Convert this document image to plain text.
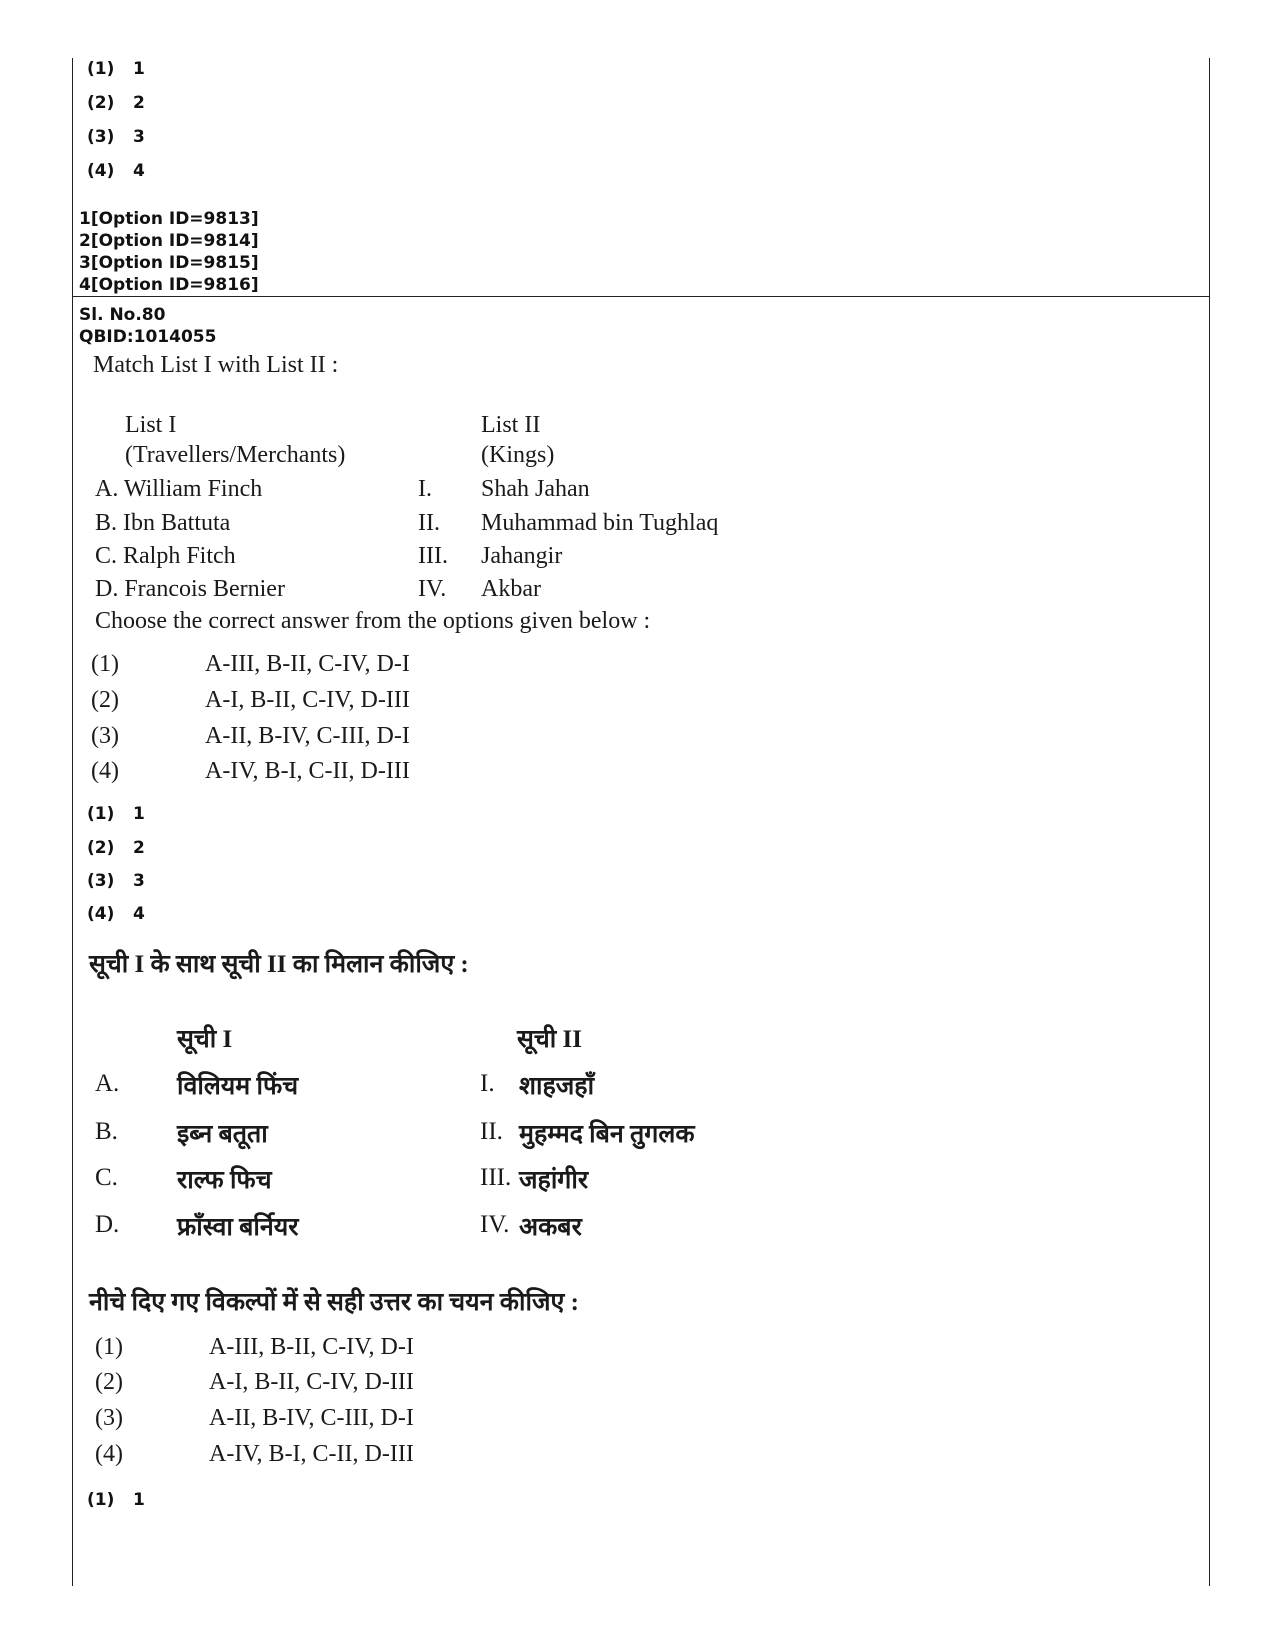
(1) 1
(2) 2
(3) 3
(4) 4
1[Option ID=9813]
2[Option ID=9814]
3[Option ID=9815]
4[Option ID=9816]
Sl. No.80
QBID:1014055
Match List I with List II :
List I
(Travellers/Merchants)
List II
(Kings)
A. William Finch	I. Shah Jahan
B. Ibn Battuta	II. Muhammad bin Tughlaq
C. Ralph Fitch	III. Jahangir
D. Francois Bernier	IV. Akbar
Choose the correct answer from the options given below :
(1)	A-III, B-II, C-IV, D-I
(2)	A-I, B-II, C-IV, D-III
(3)	A-II, B-IV, C-III, D-I
(4)	A-IV, B-I, C-II, D-III
(1) 1
(2) 2
(3) 3
(4) 4
सूची I के साथ सूची II का मिलान कीजिए :
सूची I	सूची II
A. विलियम फिंच	I. शाहजहाँ
B. इब्न बतूता	II. मुहम्मद बिन तुगलक
C. राल्फ फिच	III. जहांगीर
D. फ्राँस्वा बर्नियर	IV. अकबर
नीचे दिए गए विकल्पों में से सही उत्तर का चयन कीजिए :
(1)	A-III, B-II, C-IV, D-I
(2)	A-I, B-II, C-IV, D-III
(3)	A-II, B-IV, C-III, D-I
(4)	A-IV, B-I, C-II, D-III
(1) 1
